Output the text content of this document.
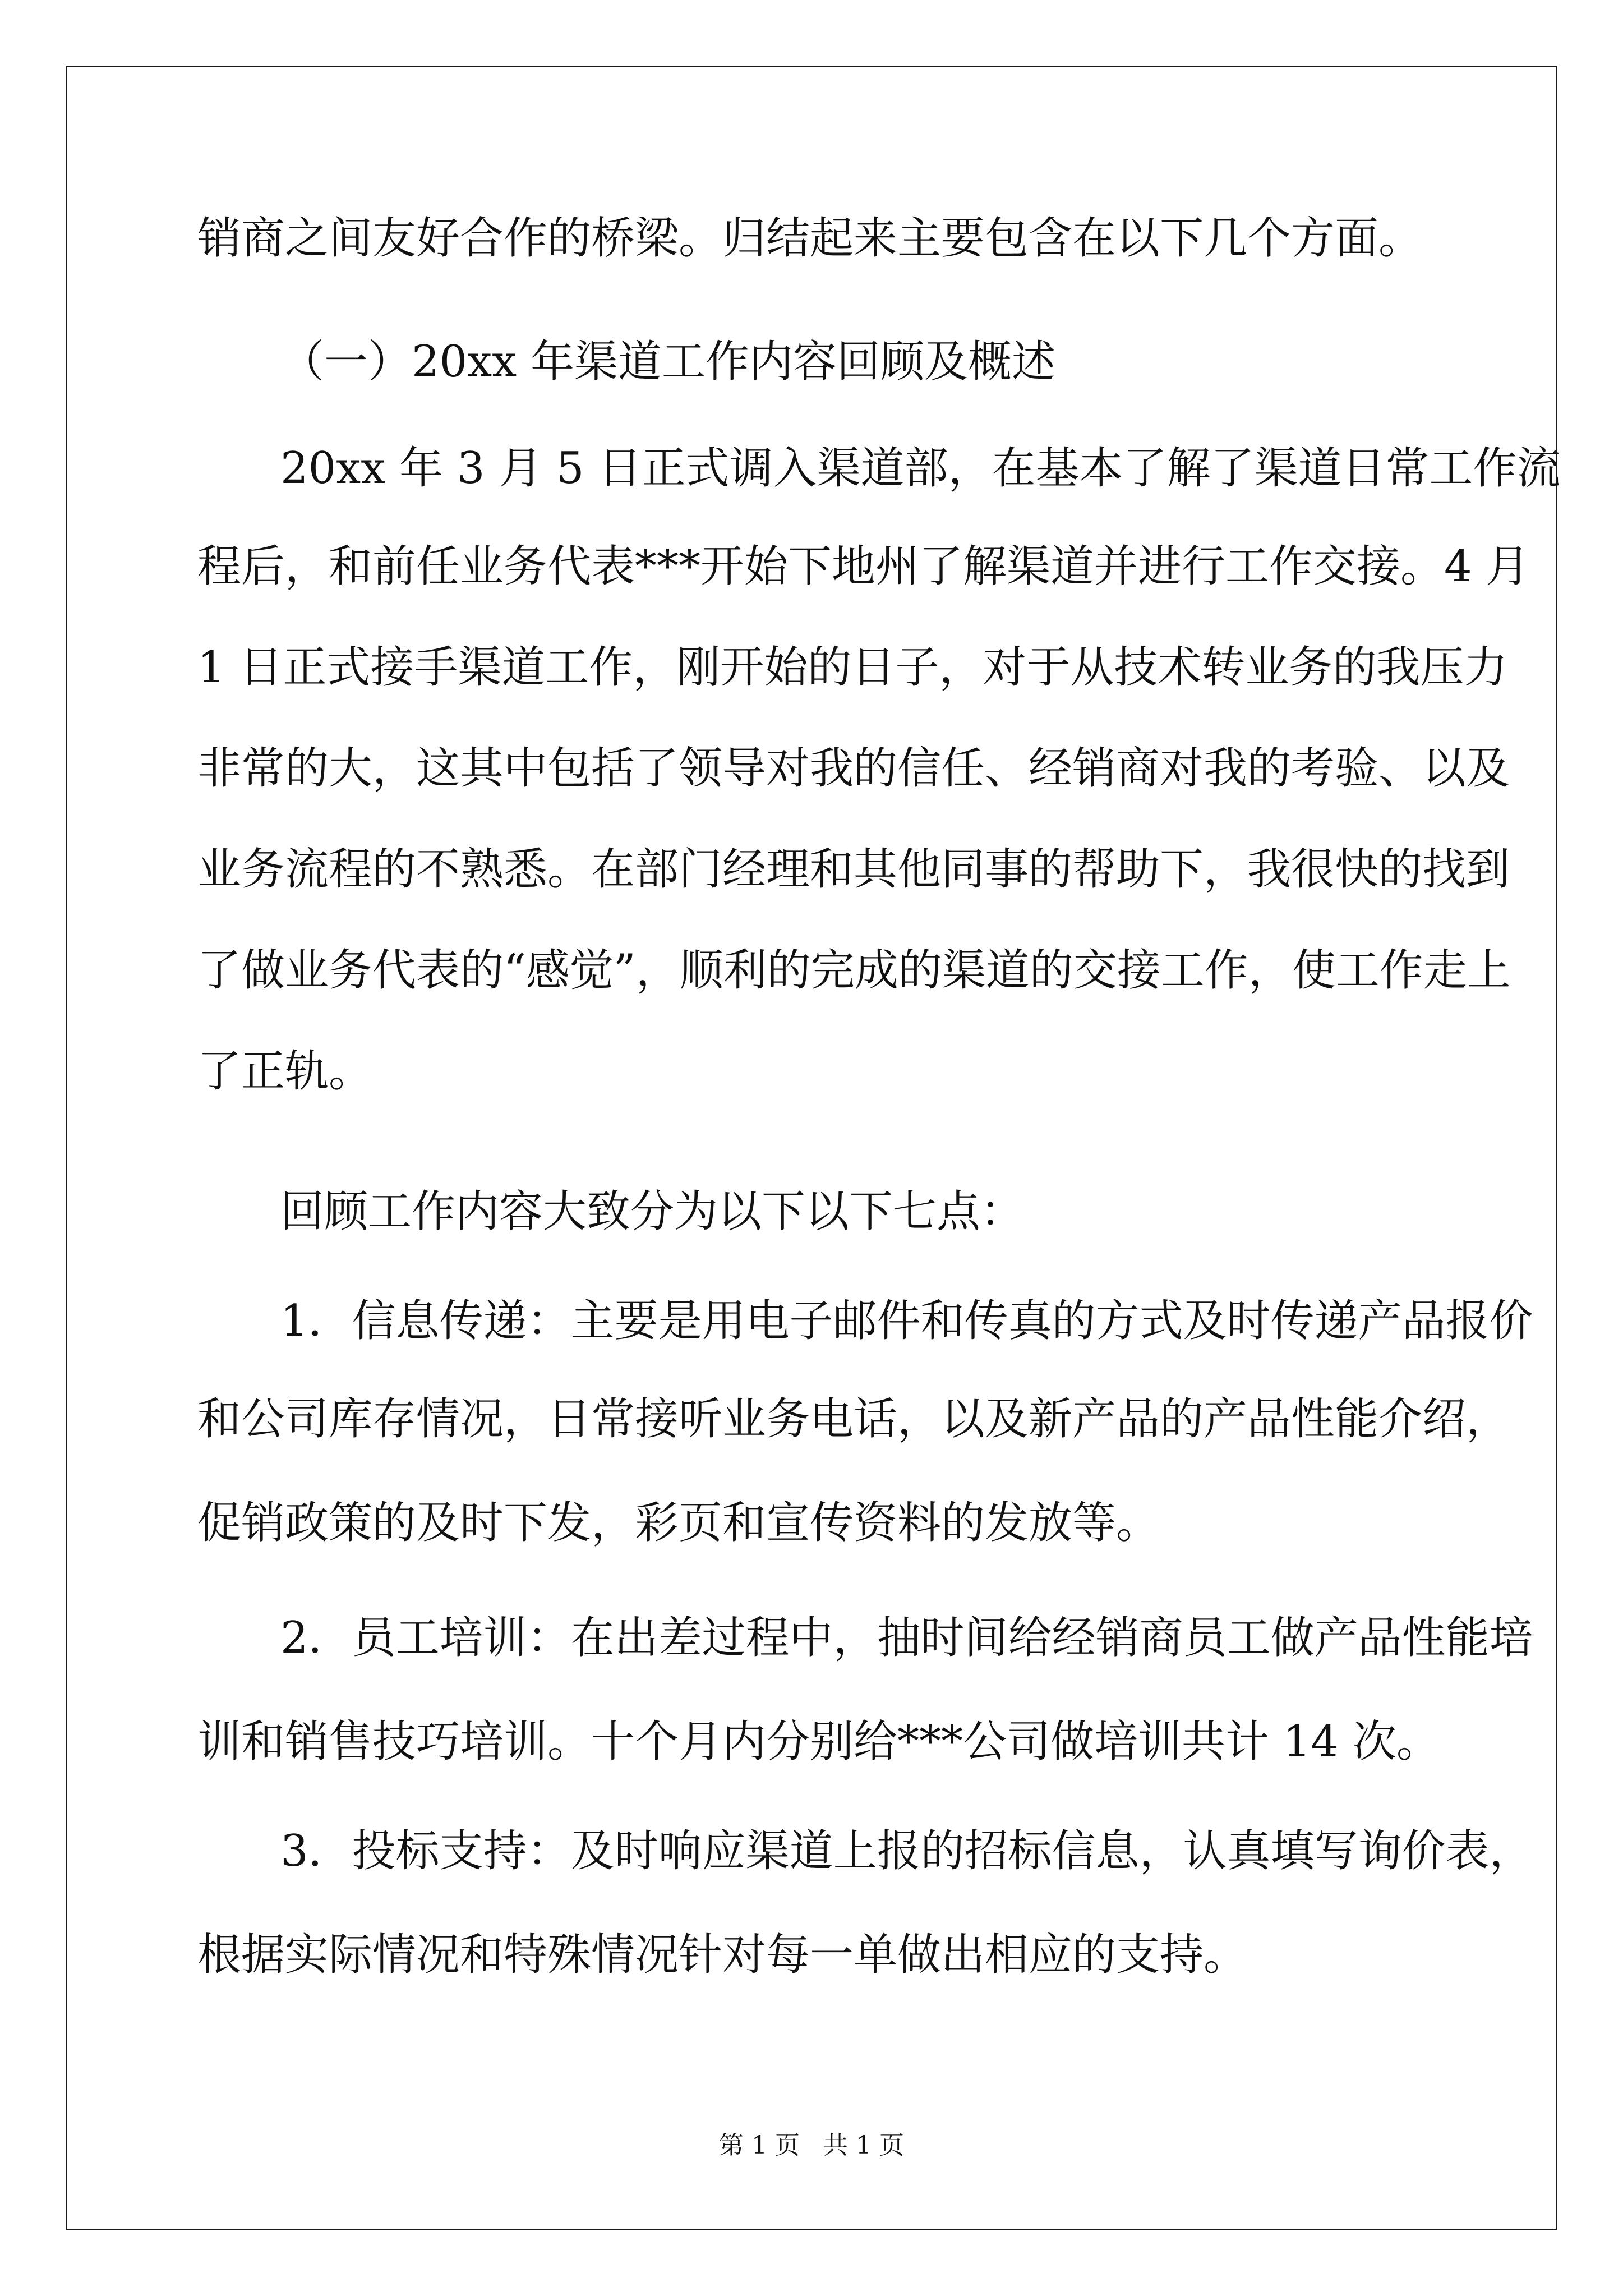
销商之间友好合作的桥梁。归结起来主要包含在以下几个方面。
（一）20xx 年渠道工作内容回顾及概述
20xx 年 3 月 5 日正式调入渠道部，在基本了解了渠道日常工作流
程后，和前任业务代表***开始下地州了解渠道并进行工作交接。4 月
1 日正式接手渠道工作，刚开始的日子，对于从技术转业务的我压力
非常的大，这其中包括了领导对我的信任、经销商对我的考验、以及
业务流程的不熟悉。在部门经理和其他同事的帮助下，我很快的找到
了做业务代表的“感觉”，顺利的完成的渠道的交接工作，使工作走上
了正轨。
回顾工作内容大致分为以下以下七点：
1．信息传递：主要是用电子邮件和传真的方式及时传递产品报价
和公司库存情况，日常接听业务电话，以及新产品的产品性能介绍，
促销政策的及时下发，彩页和宣传资料的发放等。
2．员工培训：在出差过程中，抽时间给经销商员工做产品性能培
训和销售技巧培训。十个月内分别给***公司做培训共计 14 次。
3．投标支持：及时响应渠道上报的招标信息，认真填写询价表，
根据实际情况和特殊情况针对每一单做出相应的支持。
第 1 页   共 1 页
